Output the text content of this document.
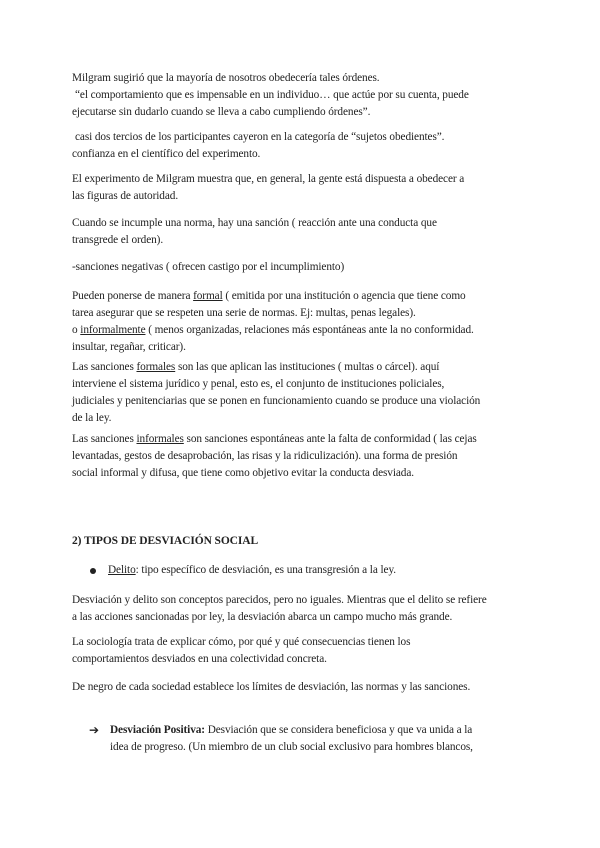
Milgram sugirió que la mayoría de nosotros obedecería tales órdenes.
“el comportamiento que es impensable en un individuo… que actúe por su cuenta, puede
ejecutarse sin dudarlo cuando se lleva a cabo cumpliendo órdenes”.

casi dos tercios de los participantes cayeron en la categoría de “sujetos obedientes”.
confianza en el científico del experimento.

El experimento de Milgram muestra que, en general, la gente está dispuesta a obedecer a
las figuras de autoridad.

Cuando se incumple una norma, hay una sanción ( reacción ante una conducta que
transgrede el orden).

-sanciones negativas ( ofrecen castigo por el incumplimiento)

Pueden ponerse de manera formal ( emitida por una institución o agencia que tiene como
tarea asegurar que se respeten una serie de normas. Ej: multas, penas legales).
o informalmente ( menos organizadas, relaciones más espontáneas ante la no conformidad.
insultar, regañar, criticar).

Las sanciones formales son las que aplican las instituciones ( multas o cárcel). aquí
interviene el sistema jurídico y penal, esto es, el conjunto de instituciones policiales,
judiciales y penitenciarias que se ponen en funcionamiento cuando se produce una violación
de la ley.

Las sanciones informales son sanciones espontáneas ante la falta de conformidad ( las cejas
levantadas, gestos de desaprobación, las risas y la ridiculización). una forma de presión
social informal y difusa, que tiene como objetivo evitar la conducta desviada.

2) TIPOS DE DESVIACIÓN SOCIAL

Delito: tipo específico de desviación, es una transgresión a la ley.

Desviación y delito son conceptos parecidos, pero no iguales. Mientras que el delito se refiere
a las acciones sancionadas por ley, la desviación abarca un campo mucho más grande.

La sociología trata de explicar cómo, por qué y qué consecuencias tienen los
comportamientos desviados en una colectividad concreta.

De negro de cada sociedad establece los límites de desviación, las normas y las sanciones.

➔ Desviación Positiva: Desviación que se considera beneficiosa y que va unida a la
idea de progreso. (Un miembro de un club social exclusivo para hombres blancos,
